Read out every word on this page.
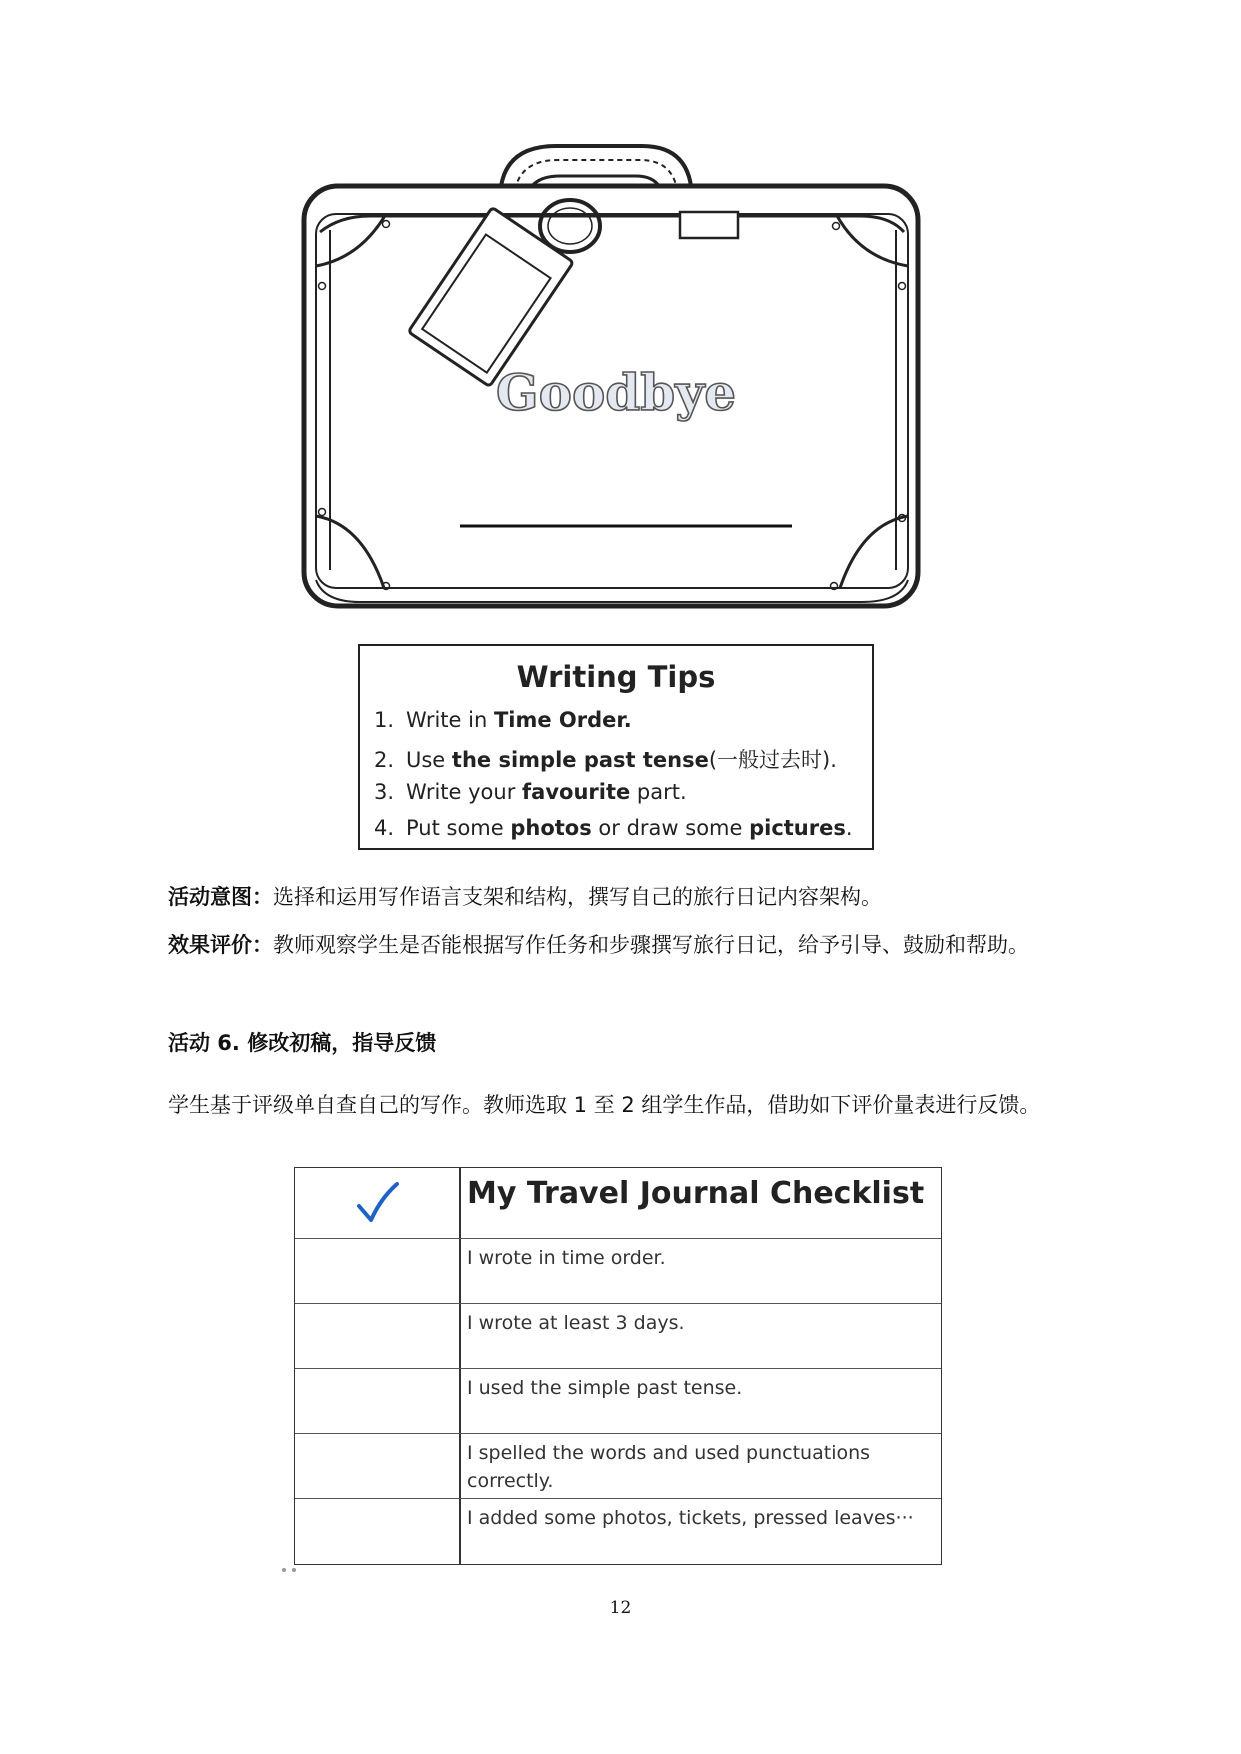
Goodbye
Writing Tips
1. Write in Time Order.
2. Use the simple past tense(一般过去时).
3. Write your favourite part.
4. Put some photos or draw some pictures.
活动意图：选择和运用写作语言支架和结构，撰写自己的旅行日记内容架构。
效果评价：教师观察学生是否能根据写作任务和步骤撰写旅行日记，给予引导、鼓励和帮助。
活动 6. 修改初稿，指导反馈
学生基于评级单自查自己的写作。教师选取 1 至 2 组学生作品，借助如下评价量表进行反馈。
My Travel Journal Checklist
I wrote in time order.
I wrote at least 3 days.
I used the simple past tense.
I spelled the words and used punctuations correctly.
I added some photos, tickets, pressed leaves···
12
